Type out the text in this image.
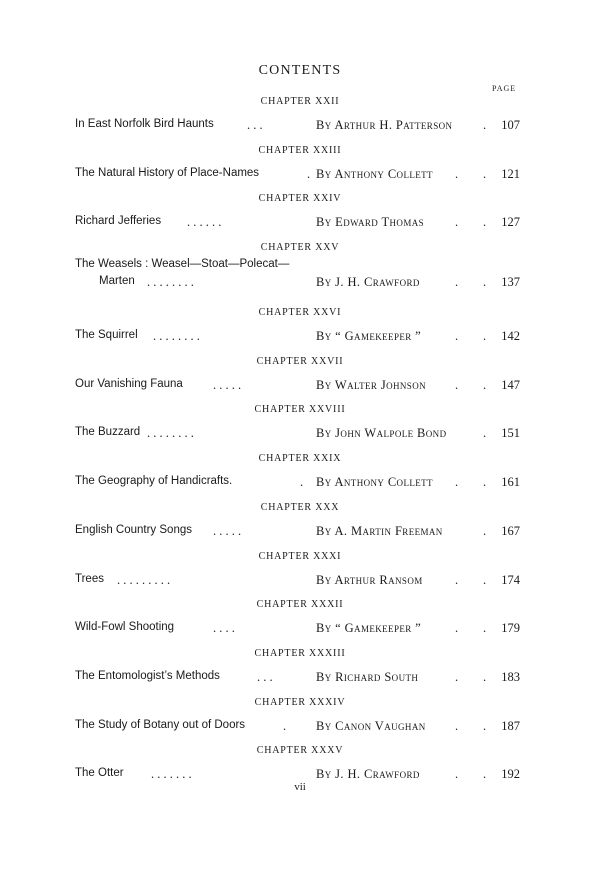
CONTENTS
PAGE
CHAPTER XXII
In East Norfolk Bird Haunts	. . .	By Arthur H. Patterson . 107
CHAPTER XXIII
The Natural History of Place-Names	. By Anthony Collett . . 121
CHAPTER XXIV
Richard Jefferies . . . . . .	By Edward Thomas . . 127
CHAPTER XXV
The Weasels : Weasel—Stoat—Polecat—
Marten . . . . . . . .	By J. H. Crawford	. . 137
CHAPTER XXVI
The Squirrel . . . . . . . .	By “ Gamekeeper ”	. . 142
CHAPTER XXVII
Our Vanishing Fauna . . . . .	By Walter Johnson . . 147
CHAPTER XXVIII
The Buzzard . . . . . . . .	By John Walpole Bond	. 151
CHAPTER XXIX
The Geography of Handicrafts.	. By Anthony Collett . . 161
CHAPTER XXX
English Country Songs . . . . .	By A. Martin Freeman	. 167
CHAPTER XXXI
Trees . . . . . . . . .	By Arthur Ransom	. . 174
CHAPTER XXXII
Wild-Fowl Shooting	. . . .	By “ Gamekeeper ”	. . 179
CHAPTER XXXIII
The Entomologist’s Methods	. . .	By Richard South	. . 183
CHAPTER XXXIV
The Study of Botany out of Doors	. By Canon Vaughan . . 187
CHAPTER XXXV
The Otter . . . . . . .	By J. H. Crawford	. . 192
vii
